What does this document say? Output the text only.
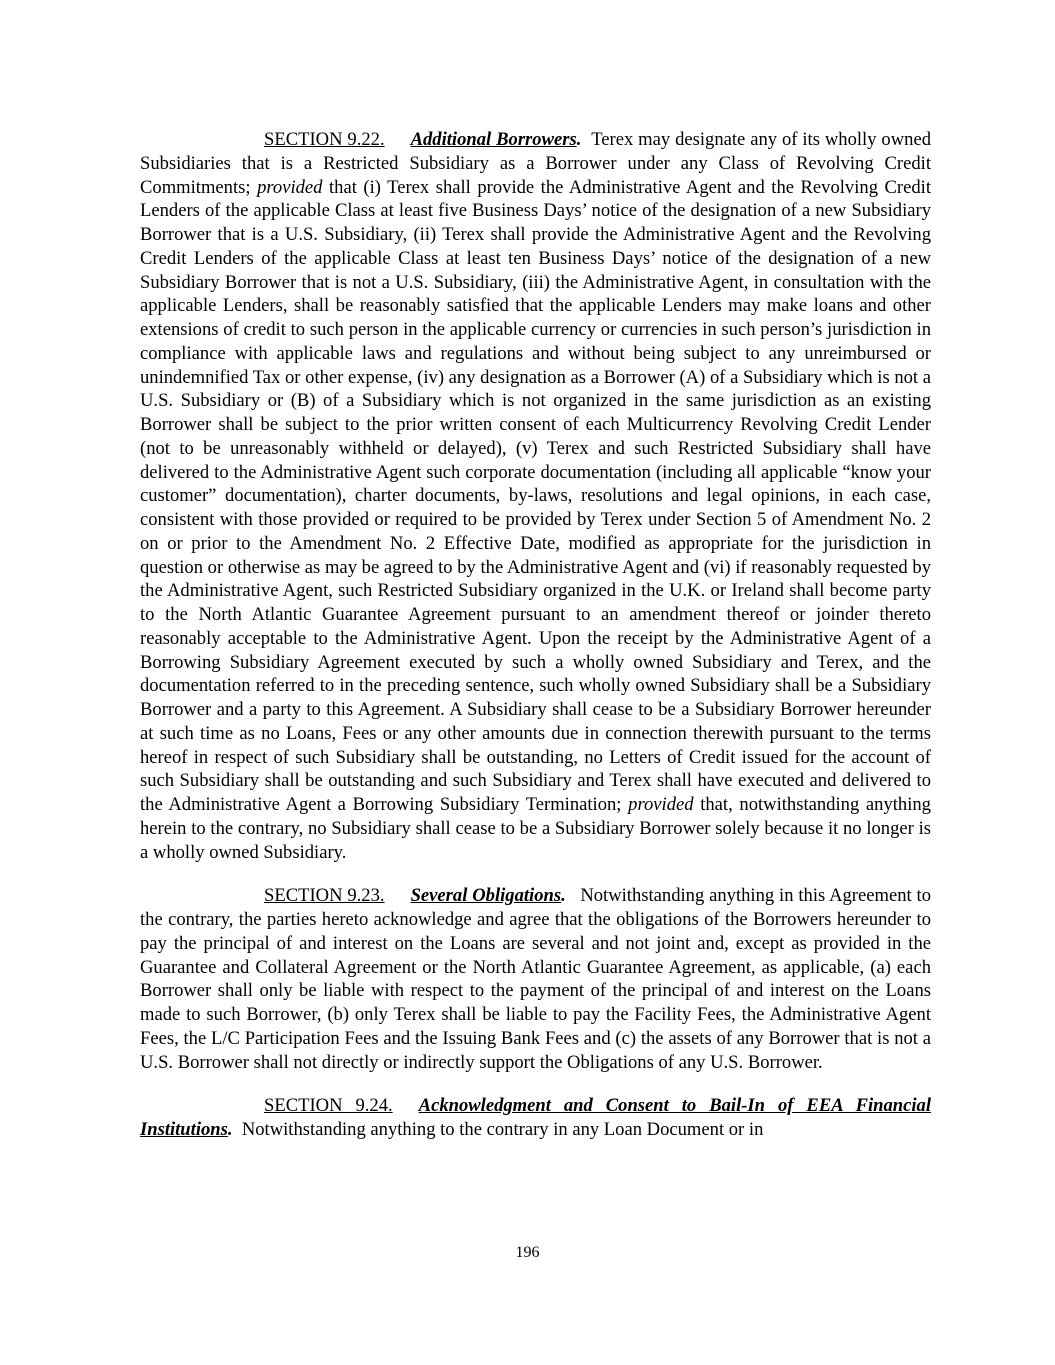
SECTION 9.22. Additional Borrowers. Terex may designate any of its wholly owned Subsidiaries that is a Restricted Subsidiary as a Borrower under any Class of Revolving Credit Commitments; provided that (i) Terex shall provide the Administrative Agent and the Revolving Credit Lenders of the applicable Class at least five Business Days’ notice of the designation of a new Subsidiary Borrower that is a U.S. Subsidiary, (ii) Terex shall provide the Administrative Agent and the Revolving Credit Lenders of the applicable Class at least ten Business Days’ notice of the designation of a new Subsidiary Borrower that is not a U.S. Subsidiary, (iii) the Administrative Agent, in consultation with the applicable Lenders, shall be reasonably satisfied that the applicable Lenders may make loans and other extensions of credit to such person in the applicable currency or currencies in such person’s jurisdiction in compliance with applicable laws and regulations and without being subject to any unreimbursed or unindemnified Tax or other expense, (iv) any designation as a Borrower (A) of a Subsidiary which is not a U.S. Subsidiary or (B) of a Subsidiary which is not organized in the same jurisdiction as an existing Borrower shall be subject to the prior written consent of each Multicurrency Revolving Credit Lender (not to be unreasonably withheld or delayed), (v) Terex and such Restricted Subsidiary shall have delivered to the Administrative Agent such corporate documentation (including all applicable “know your customer” documentation), charter documents, by-laws, resolutions and legal opinions, in each case, consistent with those provided or required to be provided by Terex under Section 5 of Amendment No. 2 on or prior to the Amendment No. 2 Effective Date, modified as appropriate for the jurisdiction in question or otherwise as may be agreed to by the Administrative Agent and (vi) if reasonably requested by the Administrative Agent, such Restricted Subsidiary organized in the U.K. or Ireland shall become party to the North Atlantic Guarantee Agreement pursuant to an amendment thereof or joinder thereto reasonably acceptable to the Administrative Agent. Upon the receipt by the Administrative Agent of a Borrowing Subsidiary Agreement executed by such a wholly owned Subsidiary and Terex, and the documentation referred to in the preceding sentence, such wholly owned Subsidiary shall be a Subsidiary Borrower and a party to this Agreement. A Subsidiary shall cease to be a Subsidiary Borrower hereunder at such time as no Loans, Fees or any other amounts due in connection therewith pursuant to the terms hereof in respect of such Subsidiary shall be outstanding, no Letters of Credit issued for the account of such Subsidiary shall be outstanding and such Subsidiary and Terex shall have executed and delivered to the Administrative Agent a Borrowing Subsidiary Termination; provided that, notwithstanding anything herein to the contrary, no Subsidiary shall cease to be a Subsidiary Borrower solely because it no longer is a wholly owned Subsidiary.

SECTION 9.23. Several Obligations. Notwithstanding anything in this Agreement to the contrary, the parties hereto acknowledge and agree that the obligations of the Borrowers hereunder to pay the principal of and interest on the Loans are several and not joint and, except as provided in the Guarantee and Collateral Agreement or the North Atlantic Guarantee Agreement, as applicable, (a) each Borrower shall only be liable with respect to the payment of the principal of and interest on the Loans made to such Borrower, (b) only Terex shall be liable to pay the Facility Fees, the Administrative Agent Fees, the L/C Participation Fees and the Issuing Bank Fees and (c) the assets of any Borrower that is not a U.S. Borrower shall not directly or indirectly support the Obligations of any U.S. Borrower.

SECTION 9.24. Acknowledgment and Consent to Bail-In of EEA Financial Institutions. Notwithstanding anything to the contrary in any Loan Document or in

196
